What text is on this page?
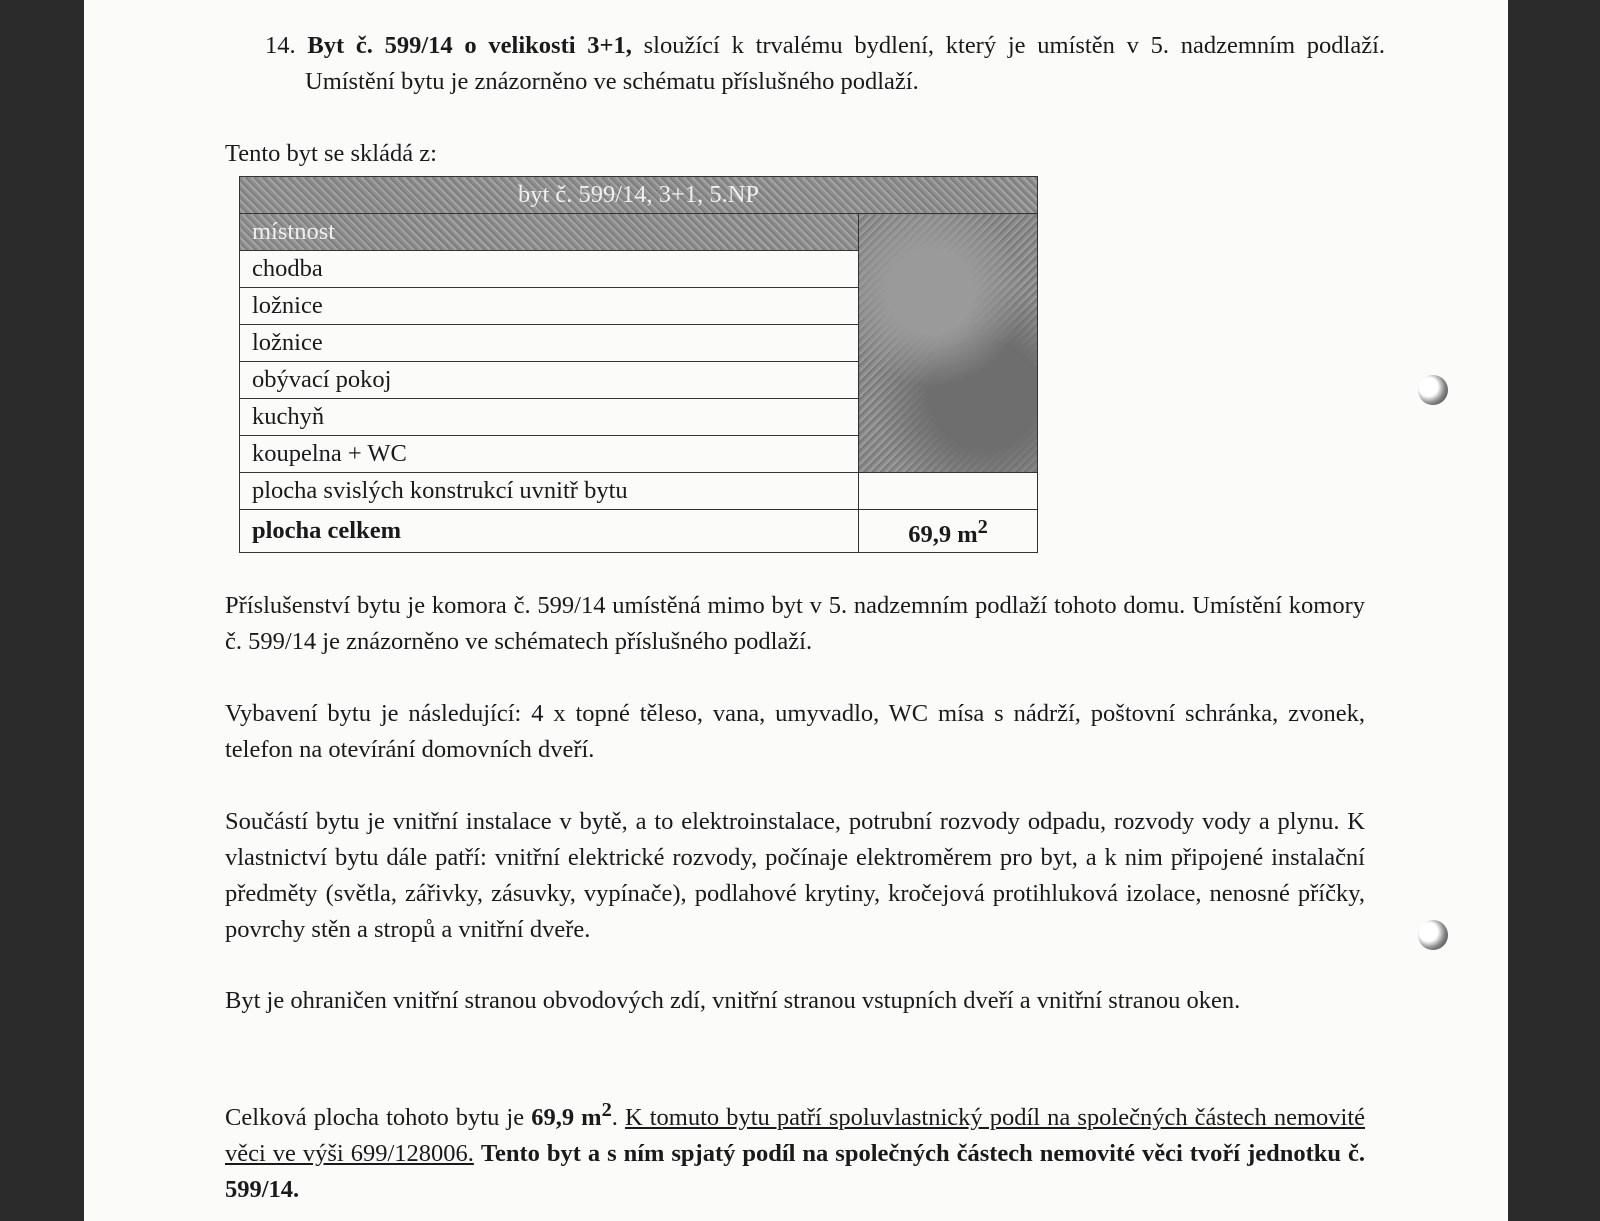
14. Byt č. 599/14 o velikosti 3+1, sloužící k trvalému bydlení, který je umístěn v 5. nadzemním podlaží. Umístění bytu je znázorněno ve schématu příslušného podlaží.
Tento byt se skládá z:
byt č. 599/14, 3+1, 5.NP	
místnost	
chodba	
ložnice	
ložnice	
obývací pokoj	
kuchyň	
koupelna + WC	
plocha svislých konstrukcí uvnitř bytu	
plocha celkem	69,9 $m^2$
Příslušenství bytu je komora č. 599/14 umístěná mimo byt v 5. nadzemním podlaží tohoto domu. Umístění komory č. 599/14 je znázorněno ve schématech příslušného podlaží.
Vybavení bytu je následující: 4 x topné těleso, vana, umyvadlo, WC mísa s nádrží, poštovní schránka, zvonek, telefon na otevírání domovních dveří.
Součástí bytu je vnitřní instalace v bytě, a to elektroinstalace, potrubní rozvody odpadu, rozvody vody a plynu. K vlastnictví bytu dále patří: vnitřní elektrické rozvody, počínaje elektroměrem pro byt, a k nim připojené instalační předměty (světla, zářivky, zásuvky, vypínače), podlahové krytiny, kročejová protihluková izolace, nenosné příčky, povrchy stěn a stropů a vnitřní dveře.
Byt je ohraničen vnitřní stranou obvodových zdí, vnitřní stranou vstupních dveří a vnitřní stranou oken.
Celková plocha tohoto bytu je 69,9 $m^2$. K tomuto bytu patří spoluvlastnický podíl na společných částech nemovité věci ve výši 699/128006. Tento byt a s ním spjatý podíl na společných částech nemovité věci tvoří jednotku č. 599/14.
